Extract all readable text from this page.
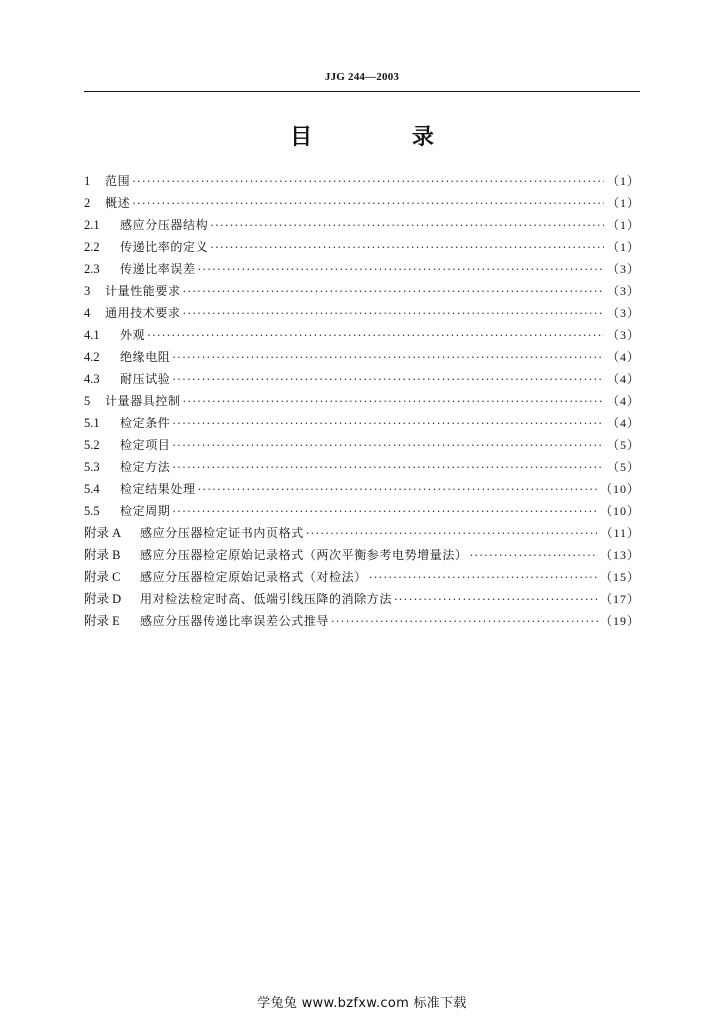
JJG 244—2003
目 录
1	范围 ·····	（1）
2	概述 ·····	（1）
2.1	感应分压器结构 ·····	（1）
2.2	传递比率的定义 ·····	（1）
2.3	传递比率误差 ·····	（3）
3	计量性能要求 ·····	（3）
4	通用技术要求 ·····	（3）
4.1	外观 ·····	（3）
4.2	绝缘电阻 ·····	（4）
4.3	耐压试验 ·····	（4）
5	计量器具控制 ·····	（4）
5.1	检定条件 ·····	（4）
5.2	检定项目 ·····	（5）
5.3	检定方法 ·····	（5）
5.4	检定结果处理 ·····	（10）
5.5	检定周期 ·····	（10）
附录 A	感应分压器检定证书内页格式 ·····	（11）
附录 B	感应分压器检定原始记录格式（两次平衡参考电势增量法） ·····	（13）
附录 C	感应分压器检定原始记录格式（对检法） ·····	（15）
附录 D	用对检法检定时高、低端引线压降的消除方法 ·····	（17）
附录 E	感应分压器传递比率误差公式推导 ·····	（19）
学兔兔 www.bzfxw.com 标准下载
